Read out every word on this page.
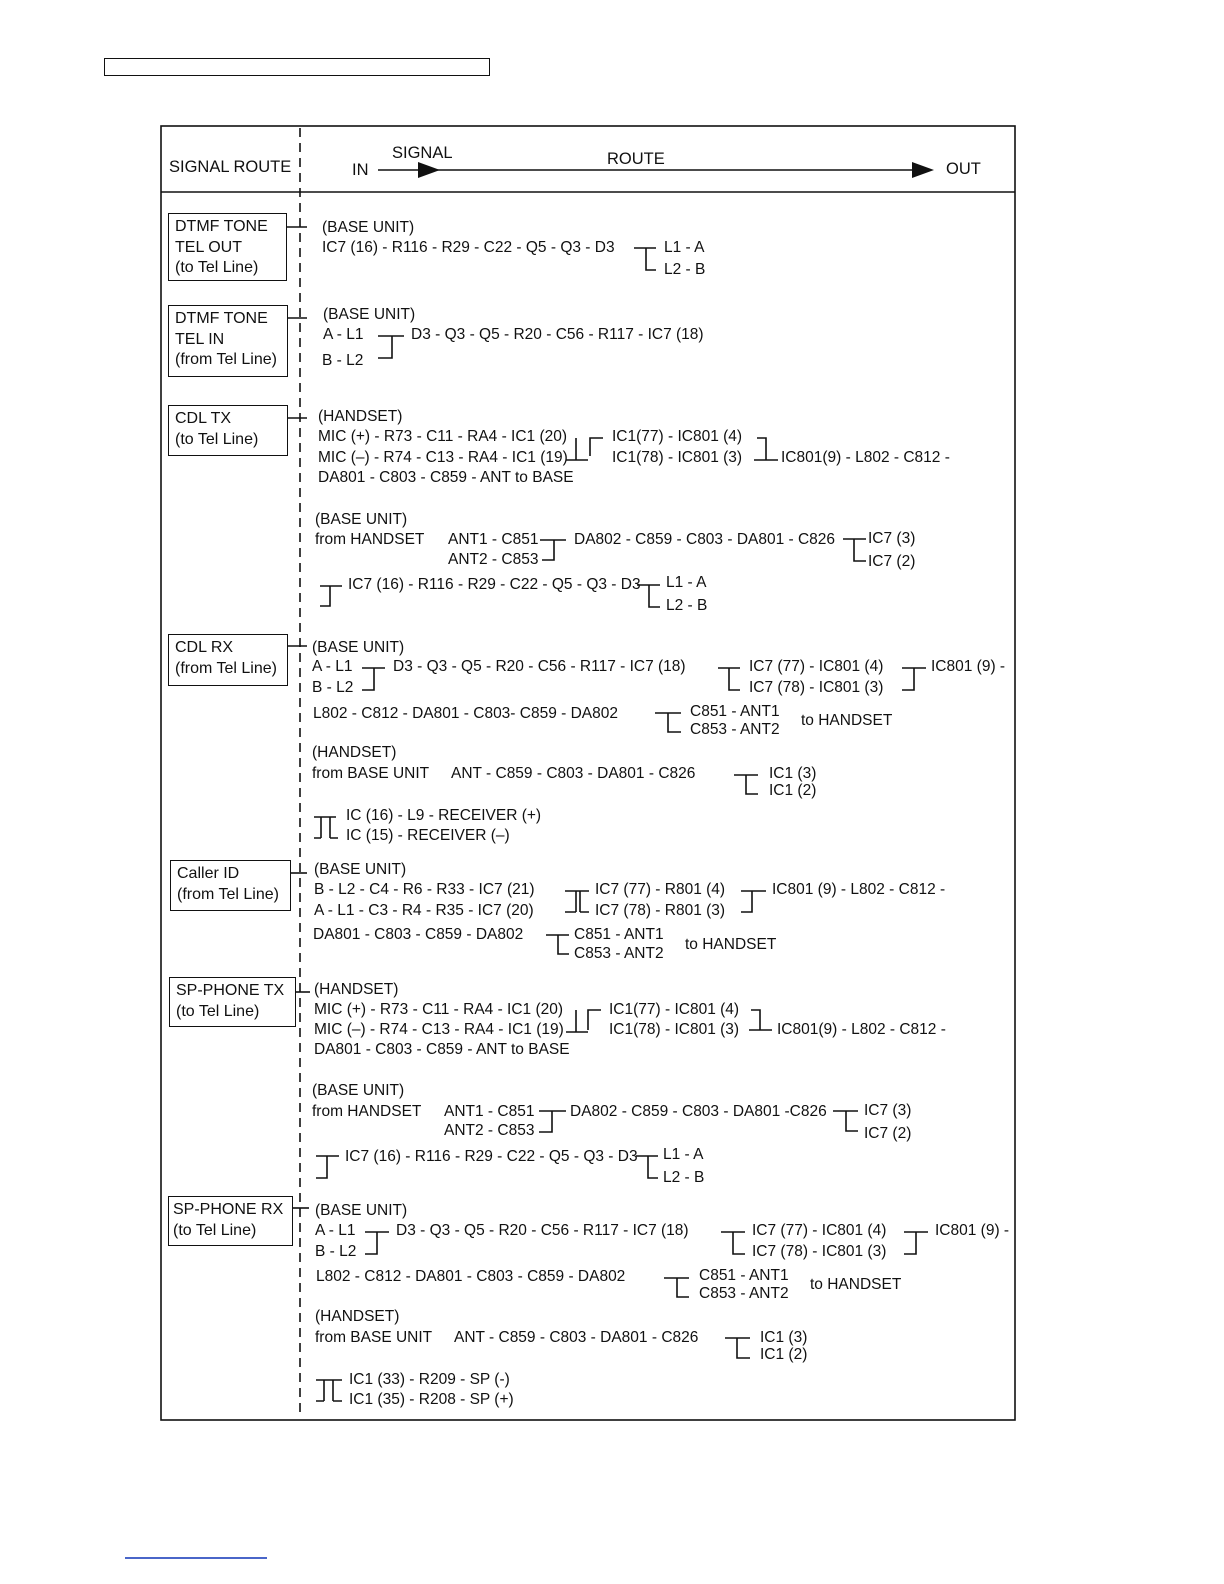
SIGNAL ROUTE	IN
SIGNAL	ROUTE
OUT
DTMF TONE
TEL OUT
(to Tel Line)
DTMF TONE
TEL IN
(from Tel Line)
CDL TX
(to Tel Line)
CDL RX
(from Tel Line)
Caller ID
(from Tel Line)
SP-PHONE TX
(to Tel Line)
SP-PHONE RX
(to Tel Line)
(BASE UNIT)
IC7 (16) - R116 - R29 - C22 - Q5 - Q3 - D3	L1 - A
L2 - B
(BASE UNIT)
A - L1
B - L2
D3 - Q3 - Q5 - R20 - C56 - R117 - IC7 (18)
(HANDSET)
MIC (+) - R73 - C11 - RA4 - IC1 (20)
MIC (–) - R74 - C13 - RA4 - IC1 (19)
IC1(77) - IC801 (4)
IC1(78) - IC801 (3)	IC801(9) - L802 - C812 -
DA801 - C803 - C859 - ANT to BASE
(BASE UNIT)
from HANDSET ANT1 - C851
ANT2 - C853
DA802 - C859 - C803 - DA801 - C826 IC7 (3)
IC7 (2)
IC7 (16) - R116 - R29 - C22 - Q5 - Q3 - D3 L1 - A
L2 - B
(BASE UNIT)
A - L1
B - L2
D3 - Q3 - Q5 - R20 - C56 - R117 - IC7 (18)	IC7 (77) - IC801 (4)
IC7 (78) - IC801 (3)
IC801 (9) -
L802 - C812 - DA801 - C803- C859 - DA802	C851 - ANT1
C853 - ANT2
to HANDSET
(HANDSET)
from BASE UNIT ANT - C859 - C803 - DA801 - C826	IC1 (3)
IC1 (2)
IC (16) - L9 - RECEIVER (+)
IC (15) - RECEIVER (–)
(BASE UNIT)
B - L2 - C4 - R6 - R33 - IC7 (21)
A - L1 - C3 - R4 - R35 - IC7 (20)
IC7 (77) - R801 (4)
IC7 (78) - R801 (3)
IC801 (9) - L802 - C812 -
DA801 - C803 - C859 - DA802	C851 - ANT1
C853 - ANT2
to HANDSET
(HANDSET)
MIC (+) - R73 - C11 - RA4 - IC1 (20)
MIC (–) - R74 - C13 - RA4 - IC1 (19)
IC1(77) - IC801 (4)
IC1(78) - IC801 (3) IC801(9) - L802 - C812 -
DA801 - C803 - C859 - ANT to BASE
(BASE UNIT)
from HANDSET ANT1 - C851
ANT2 - C853
DA802 - C859 - C803 - DA801 -C826 IC7 (3)
IC7 (2)
IC7 (16) - R116 - R29 - C22 - Q5 - Q3 - D3 L1 - A
L2 - B
(BASE UNIT)
A - L1
B - L2
D3 - Q3 - Q5 - R20 - C56 - R117 - IC7 (18)	IC7 (77) - IC801 (4)
IC7 (78) - IC801 (3)
IC801 (9) -
L802 - C812 - DA801 - C803 - C859 - DA802	C851 - ANT1
C853 - ANT2
to HANDSET
(HANDSET)
from BASE UNIT ANT - C859 - C803 - DA801 - C826	IC1 (3)
IC1 (2)
IC1 (33) - R209 - SP (-)
IC1 (35) - R208 - SP (+)
